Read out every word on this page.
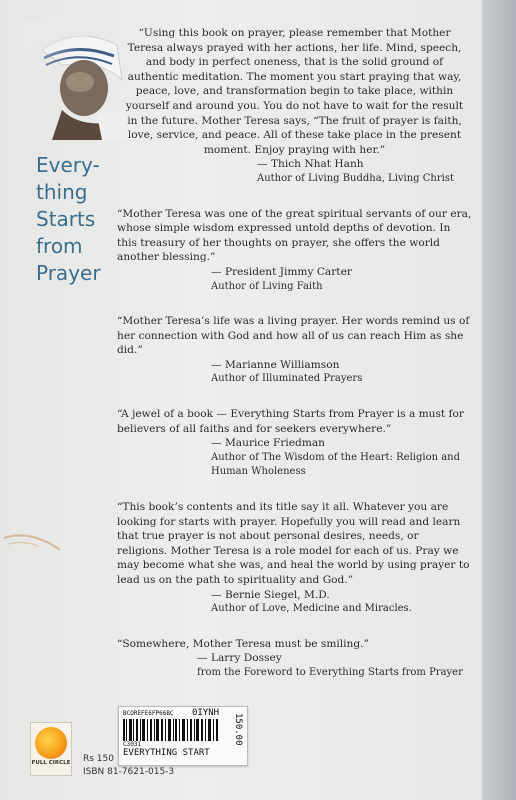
Every-
thing
Starts
from
Prayer

“Using this book on prayer, please remember that Mother Teresa always prayed with her actions, her life. Mind, speech, and body in perfect oneness, that is the solid ground of authentic meditation. The moment you start praying that way, peace, love, and transformation begin to take place, within yourself and around you. You do not have to wait for the result in the future. Mother Teresa says, “The fruit of prayer is faith, love, service, and peace. All of these take place in the present moment. Enjoy praying with her.”

— Thich Nhat Hanh
Author of Living Buddha, Living Christ

“Mother Teresa was one of the great spiritual servants of our era, whose simple wisdom expressed untold depths of devotion. In this treasury of her thoughts on prayer, she offers the world another blessing.”

— President Jimmy Carter
Author of Living Faith

“Mother Teresa’s life was a living prayer. Her words remind us of her connection with God and how all of us can reach Him as she did.”

— Marianne Williamson
Author of Illuminated Prayers

“A jewel of a book — Everything Starts from Prayer is a must for believers of all faiths and for seekers everywhere.”

— Maurice Friedman
Author of The Wisdom of the Heart: Religion and Human Wholeness

“This book’s contents and its title say it all. Whatever you are looking for starts with prayer. Hopefully you will read and learn that true prayer is not about personal desires, needs, or religions. Mother Teresa is a role model for each of us. Pray we may become what she was, and heal the world by using prayer to lead us on the path to spirituality and God.”

— Bernie Siegel, M.D.
Author of Love, Medicine and Miracles.

“Somewhere, Mother Teresa must be smiling.”

— Larry Dossey
from the Foreword to Everything Starts from Prayer
FULL CIRCLE Rs 150
ISBN 81-7621-015-3
BCOREFE6FP66BC 0IYNH
C3031
EVERYTHING START
150.00
